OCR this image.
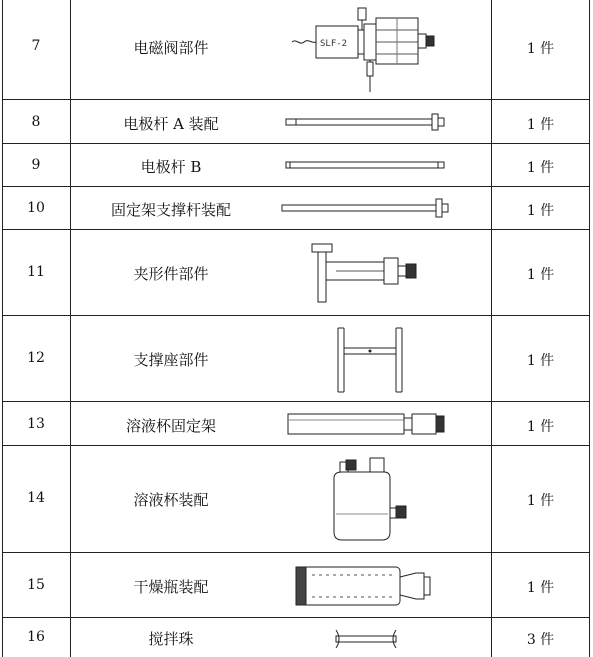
7	电磁阀部件	SLF-2	1 件
8	电极杆 A 装配	1 件
9	电极杆 B	1 件
10	固定架支撑杆装配	1 件
11	夹形件部件	1 件
12	支撑座部件	1 件
13	溶液杯固定架	1 件
14	溶液杯装配	1 件
15	干燥瓶装配	1 件
16	搅拌珠	3 件
